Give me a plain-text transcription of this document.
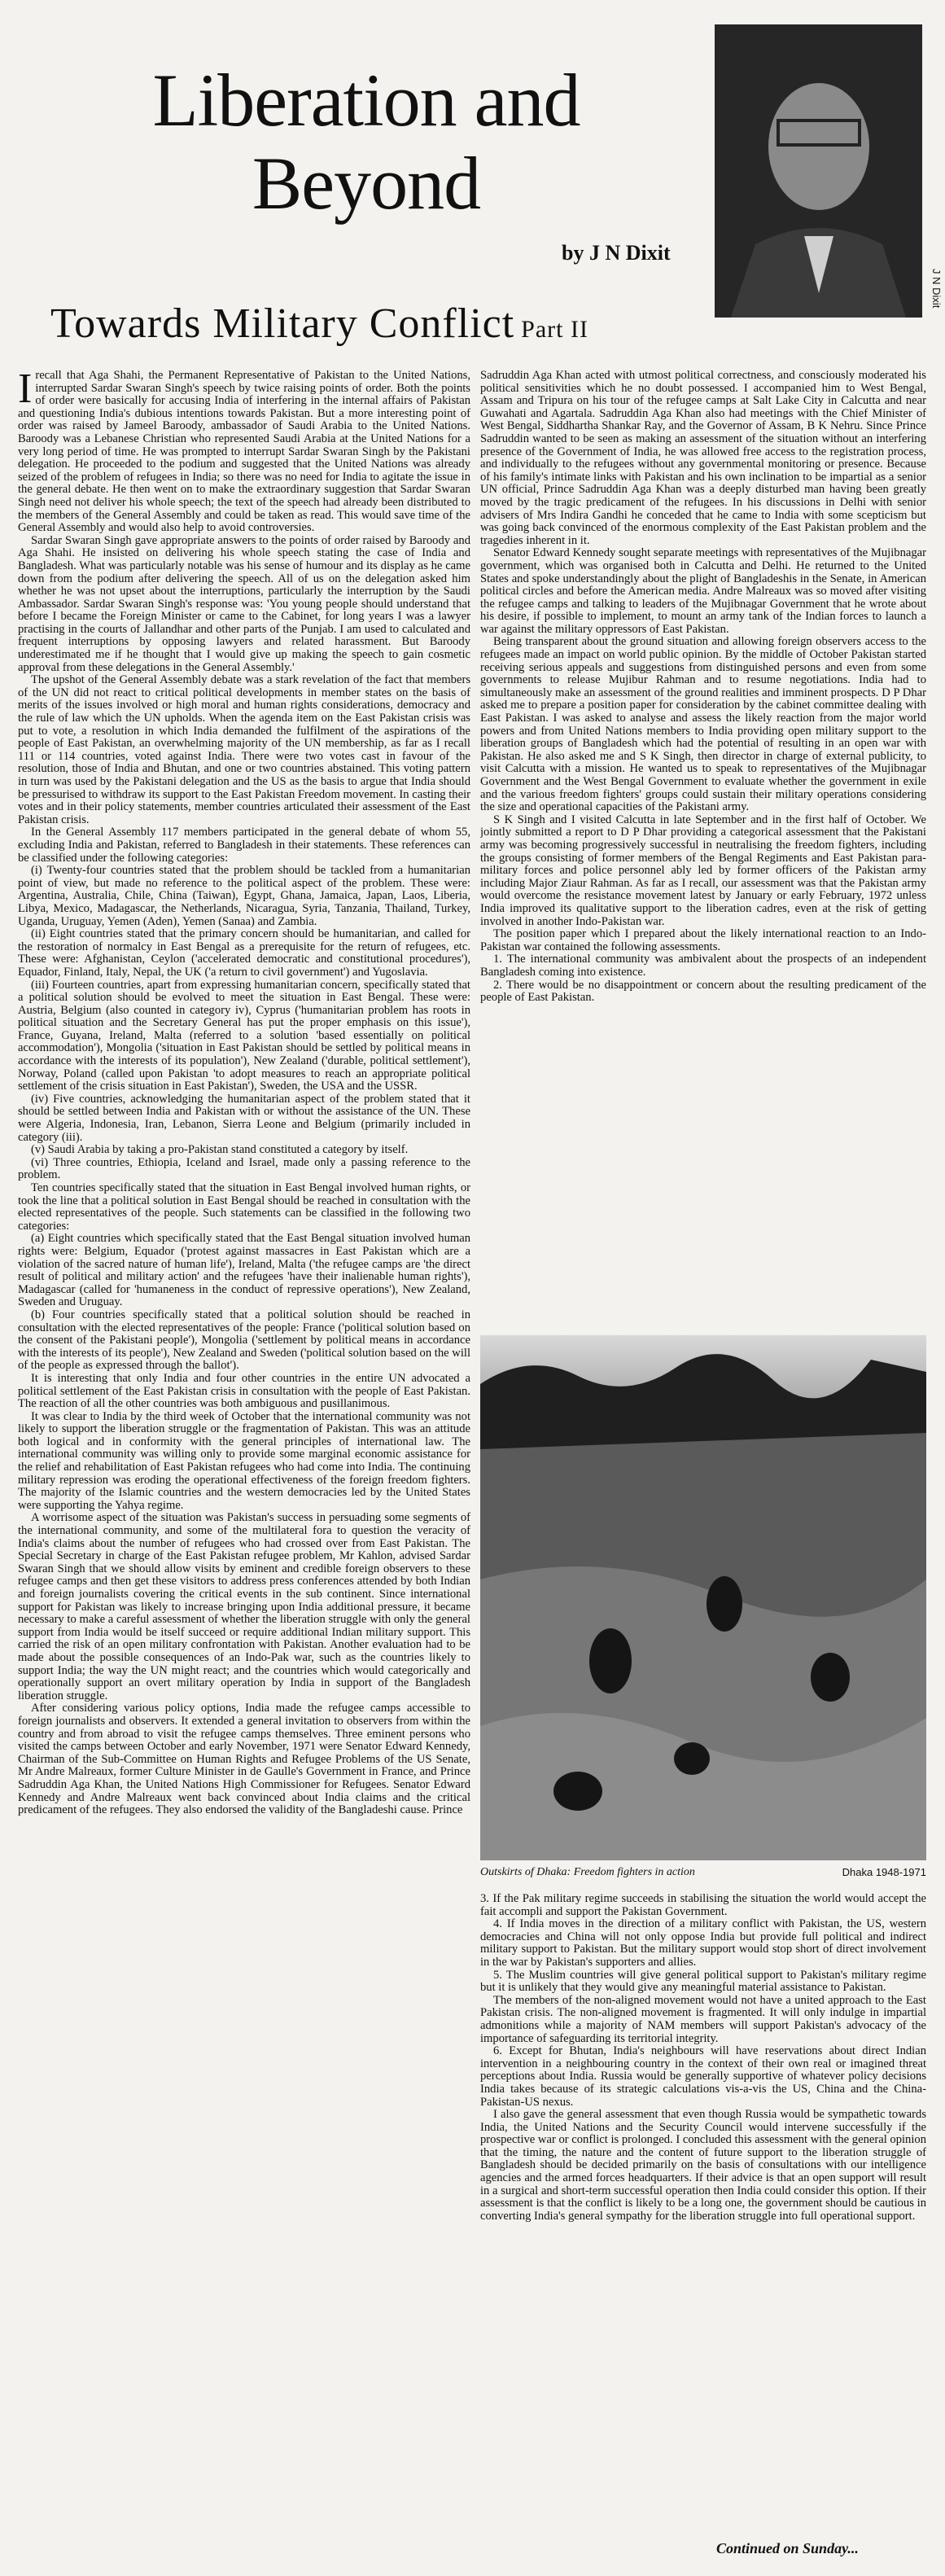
Liberation and
Beyond
J N Dixit
by J N Dixit
Towards Military Conflict Part II

I recall that Aga Shahi, the Permanent Representative of Pakistan to the United Nations, interrupted Sardar Swaran Singh's speech by twice raising points of order. Both the points of order were basically for accusing India of interfering in the internal affairs of Pakistan and questioning India's dubious intentions towards Pakistan. But a more interesting point of order was raised by Jameel Baroody, ambassador of Saudi Arabia to the United Nations. Baroody was a Lebanese Christian who represented Saudi Arabia at the United Nations for a very long period of time. He was prompted to interrupt Sardar Swaran Singh by the Pakistani delegation. He proceeded to the podium and suggested that the United Nations was already seized of the problem of refugees in India; so there was no need for India to agitate the issue in the general debate. He then went on to make the extraordinary suggestion that Sardar Swaran Singh need not deliver his whole speech; the text of the speech had already been distributed to the members of the General Assembly and could be taken as read. This would save time of the General Assembly and would also help to avoid controversies.

Sardar Swaran Singh gave appropriate answers to the points of order raised by Baroody and Aga Shahi. He insisted on delivering his whole speech stating the case of India and Bangladesh. What was particularly notable was his sense of humour and its display as he came down from the podium after delivering the speech. All of us on the delegation asked him whether he was not upset about the interruptions, particularly the interruption by the Saudi Ambassador. Sardar Swaran Singh's response was: 'You young people should understand that before I became the Foreign Minister or came to the Cabinet, for long years I was a lawyer practising in the courts of Jallandhar and other parts of the Punjab. I am used to calculated and frequent interruptions by opposing lawyers and related harassment. But Baroody underestimated me if he thought that I would give up making the speech to gain cosmetic approval from these delegations in the General Assembly.'

The upshot of the General Assembly debate was a stark revelation of the fact that members of the UN did not react to critical political developments in member states on the basis of merits of the issues involved or high moral and human rights considerations, democracy and the rule of law which the UN upholds. When the agenda item on the East Pakistan crisis was put to vote, a resolution in which India demanded the fulfilment of the aspirations of the people of East Pakistan, an overwhelming majority of the UN membership, as far as I recall 111 or 114 countries, voted against India. There were two votes cast in favour of the resolution, those of India and Bhutan, and one or two countries abstained. This voting pattern in turn was used by the Pakistani delegation and the US as the basis to argue that India should be pressurised to withdraw its support to the East Pakistan Freedom movement. In casting their votes and in their policy statements, member countries articulated their assessment of the East Pakistan crisis.

In the General Assembly 117 members participated in the general debate of whom 55, excluding India and Pakistan, referred to Bangladesh in their statements. These references can be classified under the following categories:

(i) Twenty-four countries stated that the problem should be tackled from a humanitarian point of view, but made no reference to the political aspect of the problem. These were: Argentina, Australia, Chile, China (Taiwan), Egypt, Ghana, Jamaica, Japan, Laos, Liberia, Libya, Mexico, Madagascar, the Netherlands, Nicaragua, Syria, Tanzania, Thailand, Turkey, Uganda, Uruguay, Yemen (Aden), Yemen (Sanaa) and Zambia.

(ii) Eight countries stated that the primary concern should be humanitarian, and called for the restoration of normalcy in East Bengal as a prerequisite for the return of refugees, etc. These were: Afghanistan, Ceylon ('accelerated democratic and constitutional procedures'), Equador, Finland, Italy, Nepal, the UK ('a return to civil government') and Yugoslavia.

(iii) Fourteen countries, apart from expressing humanitarian concern, specifically stated that a political solution should be evolved to meet the situation in East Bengal. These were: Austria, Belgium (also counted in category iv), Cyprus ('humanitarian problem has roots in political situation and the Secretary General has put the proper emphasis on this issue'), France, Guyana, Ireland, Malta (referred to a solution 'based essentially on political accommodation'), Mongolia ('situation in East Pakistan should be settled by political means in accordance with the interests of its population'), New Zealand ('durable, political settlement'), Norway, Poland (called upon Pakistan 'to adopt measures to reach an appropriate political settlement of the crisis situation in East Pakistan'), Sweden, the USA and the USSR.

(iv) Five countries, acknowledging the humanitarian aspect of the problem stated that it should be settled between India and Pakistan with or without the assistance of the UN. These were Algeria, Indonesia, Iran, Lebanon, Sierra Leone and Belgium (primarily included in category (iii).

(v) Saudi Arabia by taking a pro-Pakistan stand constituted a category by itself.

(vi) Three countries, Ethiopia, Iceland and Israel, made only a passing reference to the problem.

Ten countries specifically stated that the situation in East Bengal involved human rights, or took the line that a political solution in East Bengal should be reached in consultation with the elected representatives of the people. Such statements can be classified in the following two categories:

(a) Eight countries which specifically stated that the East Bengal situation involved human rights were: Belgium, Equador ('protest against massacres in East Pakistan which are a violation of the sacred nature of human life'), Ireland, Malta ('the refugee camps are 'the direct result of political and military action' and the refugees 'have their inalienable human rights'), Madagascar (called for 'humaneness in the conduct of repressive operations'), New Zealand, Sweden and Uruguay.

(b) Four countries specifically stated that a political solution should be reached in consultation with the elected representatives of the people: France ('political solution based on the consent of the Pakistani people'), Mongolia ('settlement by political means in accordance with the interests of its people'), New Zealand and Sweden ('political solution based on the will of the people as expressed through the ballot').

It is interesting that only India and four other countries in the entire UN advocated a political settlement of the East Pakistan crisis in consultation with the people of East Pakistan. The reaction of all the other countries was both ambiguous and pusillanimous.

It was clear to India by the third week of October that the international community was not likely to support the liberation struggle or the fragmentation of Pakistan. This was an attitude both logical and in conformity with the general principles of international law. The international community was willing only to provide some marginal economic assistance for the relief and rehabilitation of East Pakistan refugees who had come into India. The continuing military repression was eroding the operational effectiveness of the foreign freedom fighters. The majority of the Islamic countries and the western democracies led by the United States were supporting the Yahya regime.

A worrisome aspect of the situation was Pakistan's success in persuading some segments of the international community, and some of the multilateral fora to question the veracity of India's claims about the number of refugees who had crossed over from East Pakistan. The Special Secretary in charge of the East Pakistan refugee problem, Mr Kahlon, advised Sardar Swaran Singh that we should allow visits by eminent and credible foreign observers to these refugee camps and then get these visitors to address press conferences attended by both Indian and foreign journalists covering the critical events in the sub continent. Since international support for Pakistan was likely to increase bringing upon India additional pressure, it became necessary to make a careful assessment of whether the liberation struggle with only the general support from India would be itself succeed or require additional Indian military support. This carried the risk of an open military confrontation with Pakistan. Another evaluation had to be made about the possible consequences of an Indo-Pak war, such as the countries likely to support India; the way the UN might react; and the countries which would categorically and operationally support an overt military operation by India in support of the Bangladesh liberation struggle.

After considering various policy options, India made the refugee camps accessible to foreign journalists and observers. It extended a general invitation to observers from within the country and from abroad to visit the refugee camps themselves. Three eminent persons who visited the camps between October and early November, 1971 were Senator Edward Kennedy, Chairman of the Sub-Committee on Human Rights and Refugee Problems of the US Senate, Mr Andre Malreaux, former Culture Minister in de Gaulle's Government in France, and Prince Sadruddin Aga Khan, the United Nations High Commissioner for Refugees. Senator Edward Kennedy and Andre Malreaux went back convinced about India claims and the critical predicament of the refugees. They also endorsed the validity of the Bangladeshi cause. Prince

Sadruddin Aga Khan acted with utmost political correctness, and consciously moderated his political sensitivities which he no doubt possessed. I accompanied him to West Bengal, Assam and Tripura on his tour of the refugee camps at Salt Lake City in Calcutta and near Guwahati and Agartala. Sadruddin Aga Khan also had meetings with the Chief Minister of West Bengal, Siddhartha Shankar Ray, and the Governor of Assam, B K Nehru. Since Prince Sadruddin wanted to be seen as making an assessment of the situation without an interfering presence of the Government of India, he was allowed free access to the registration process, and individually to the refugees without any governmental monitoring or presence. Because of his family's intimate links with Pakistan and his own inclination to be impartial as a senior UN official, Prince Sadruddin Aga Khan was a deeply disturbed man having been greatly moved by the tragic predicament of the refugees. In his discussions in Delhi with senior advisers of Mrs Indira Gandhi he conceded that he came to India with some scepticism but was going back convinced of the enormous complexity of the East Pakistan problem and the tragedies inherent in it.

Senator Edward Kennedy sought separate meetings with representatives of the Mujibnagar government, which was organised both in Calcutta and Delhi. He returned to the United States and spoke understandingly about the plight of Bangladeshis in the Senate, in American political circles and before the American media. Andre Malreaux was so moved after visiting the refugee camps and talking to leaders of the Mujibnagar Government that he wrote about his desire, if possible to implement, to mount an army tank of the Indian forces to launch a war against the military oppressors of East Pakistan.

Being transparent about the ground situation and allowing foreign observers access to the refugees made an impact on world public opinion. By the middle of October Pakistan started receiving serious appeals and suggestions from distinguished persons and even from some governments to release Mujibur Rahman and to resume negotiations. India had to simultaneously make an assessment of the ground realities and imminent prospects. D P Dhar asked me to prepare a position paper for consideration by the cabinet committee dealing with East Pakistan. I was asked to analyse and assess the likely reaction from the major world powers and from United Nations members to India providing open military support to the liberation groups of Bangladesh which had the potential of resulting in an open war with Pakistan. He also asked me and S K Singh, then director in charge of external publicity, to visit Calcutta with a mission. He wanted us to speak to representatives of the Mujibnagar Government and the West Bengal Government to evaluate whether the government in exile and the various freedom fighters' groups could sustain their military operations considering the size and operational capacities of the Pakistani army.

S K Singh and I visited Calcutta in late September and in the first half of October. We jointly submitted a report to D P Dhar providing a categorical assessment that the Pakistani army was becoming progressively successful in neutralising the freedom fighters, including the groups consisting of former members of the Bengal Regiments and East Pakistan para-military forces and police personnel ably led by former officers of the Pakistan army including Major Ziaur Rahman. As far as I recall, our assessment was that the Pakistan army would overcome the resistance movement latest by January or early February, 1972 unless India improved its qualitative support to the liberation cadres, even at the risk of getting involved in another Indo-Pakistan war.

The position paper which I prepared about the likely international reaction to an Indo-Pakistan war contained the following assessments.

1. The international community was ambivalent about the prospects of an independent Bangladesh coming into existence.

2. There would be no disappointment or concern about the resulting predicament of the people of East Pakistan.

Outskirts of Dhaka: Freedom fighters in action	Dhaka 1948-1971

3. If the Pak military regime succeeds in stabilising the situation the world would accept the fait accompli and support the Pakistan Government.

4. If India moves in the direction of a military conflict with Pakistan, the US, western democracies and China will not only oppose India but provide full political and indirect military support to Pakistan. But the military support would stop short of direct involvement in the war by Pakistan's supporters and allies.

5. The Muslim countries will give general political support to Pakistan's military regime but it is unlikely that they would give any meaningful material assistance to Pakistan.

The members of the non-aligned movement would not have a united approach to the East Pakistan crisis. The non-aligned movement is fragmented. It will only indulge in impartial admonitions while a majority of NAM members will support Pakistan's advocacy of the importance of safeguarding its territorial integrity.

6. Except for Bhutan, India's neighbours will have reservations about direct Indian intervention in a neighbouring country in the context of their own real or imagined threat perceptions about India. Russia would be generally supportive of whatever policy decisions India takes because of its strategic calculations vis-a-vis the US, China and the China-Pakistan-US nexus.

I also gave the general assessment that even though Russia would be sympathetic towards India, the United Nations and the Security Council would intervene successfully if the prospective war or conflict is prolonged. I concluded this assessment with the general opinion that the timing, the nature and the content of future support to the liberation struggle of Bangladesh should be decided primarily on the basis of consultations with our intelligence agencies and the armed forces headquarters. If their advice is that an open support will result in a surgical and short-term successful operation then India could consider this option. If their assessment is that the conflict is likely to be a long one, the government should be cautious in converting India's general sympathy for the liberation struggle into full operational support.

Continued on Sunday...
